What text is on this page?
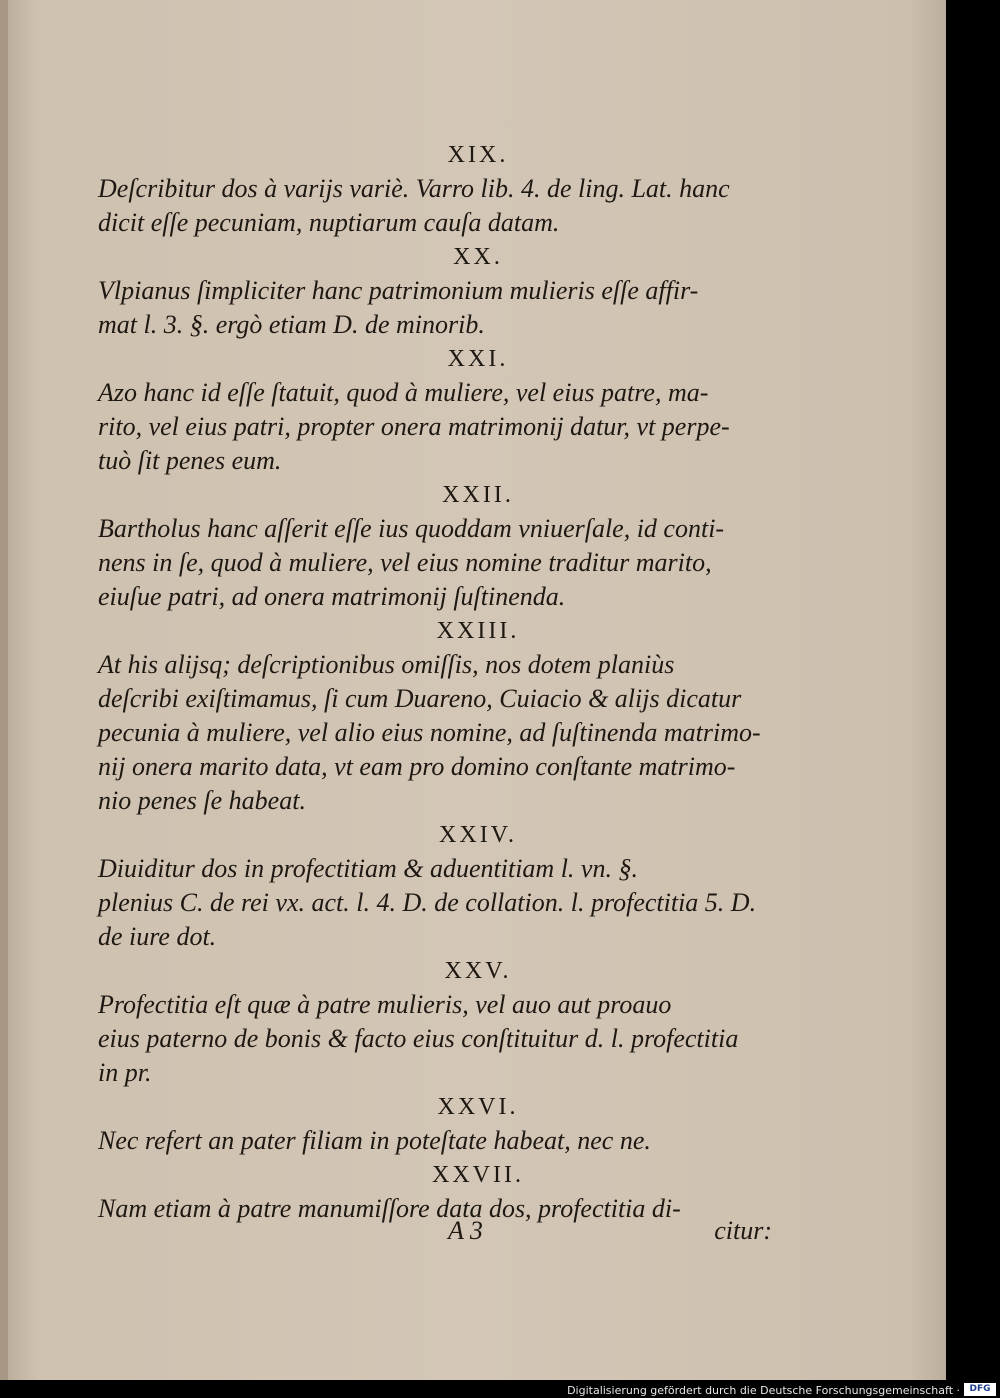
XIX.

Deſcribitur dos à varijs variè. Varro lib. 4. de ling. Lat. hanc
dicit eſſe pecuniam, nuptiarum cauſa datam.

XX.

Vlpianus ſimpliciter hanc patrimonium mulieris eſſe affir-
mat l. 3. §. ergò etiam D. de minorib.

XXI.

Azo hanc id eſſe ſtatuit, quod à muliere, vel eius patre, ma-
rito, vel eius patri, propter onera matrimonij datur, vt perpe-
tuò ſit penes eum.

XXII.

Bartholus hanc aſſerit eſſe ius quoddam vniuerſale, id conti-
nens in ſe, quod à muliere, vel eius nomine traditur marito,
eiuſue patri, ad onera matrimonij ſuſtinenda.

XXIII.

At his alijsq; deſcriptionibus omiſſis, nos dotem planiùs
deſcribi exiſtimamus, ſi cum Duareno, Cuiacio & alijs dicatur
pecunia à muliere, vel alio eius nomine, ad ſuſtinenda matrimo-
nij onera marito data, vt eam pro domino conſtante matrimo-
nio penes ſe habeat.

XXIV.

Diuiditur dos in profectitiam & aduentitiam l. vn. §.
plenius C. de rei vx. act. l. 4. D. de collation. l. profectitia 5. D.
de iure dot.

XXV.

Profectitia eſt quæ à patre mulieris, vel auo aut proauo
eius paterno de bonis & facto eius conſtituitur d. l. profectitia
in pr.

XXVI.

Nec refert an pater filiam in poteſtate habeat, nec ne.

XXVII.

Nam etiam à patre manumiſſore data dos, profectitia di-

A 3	citur:
Digitalisierung gefördert durch die Deutsche Forschungsgemeinschaft ·	DFG
